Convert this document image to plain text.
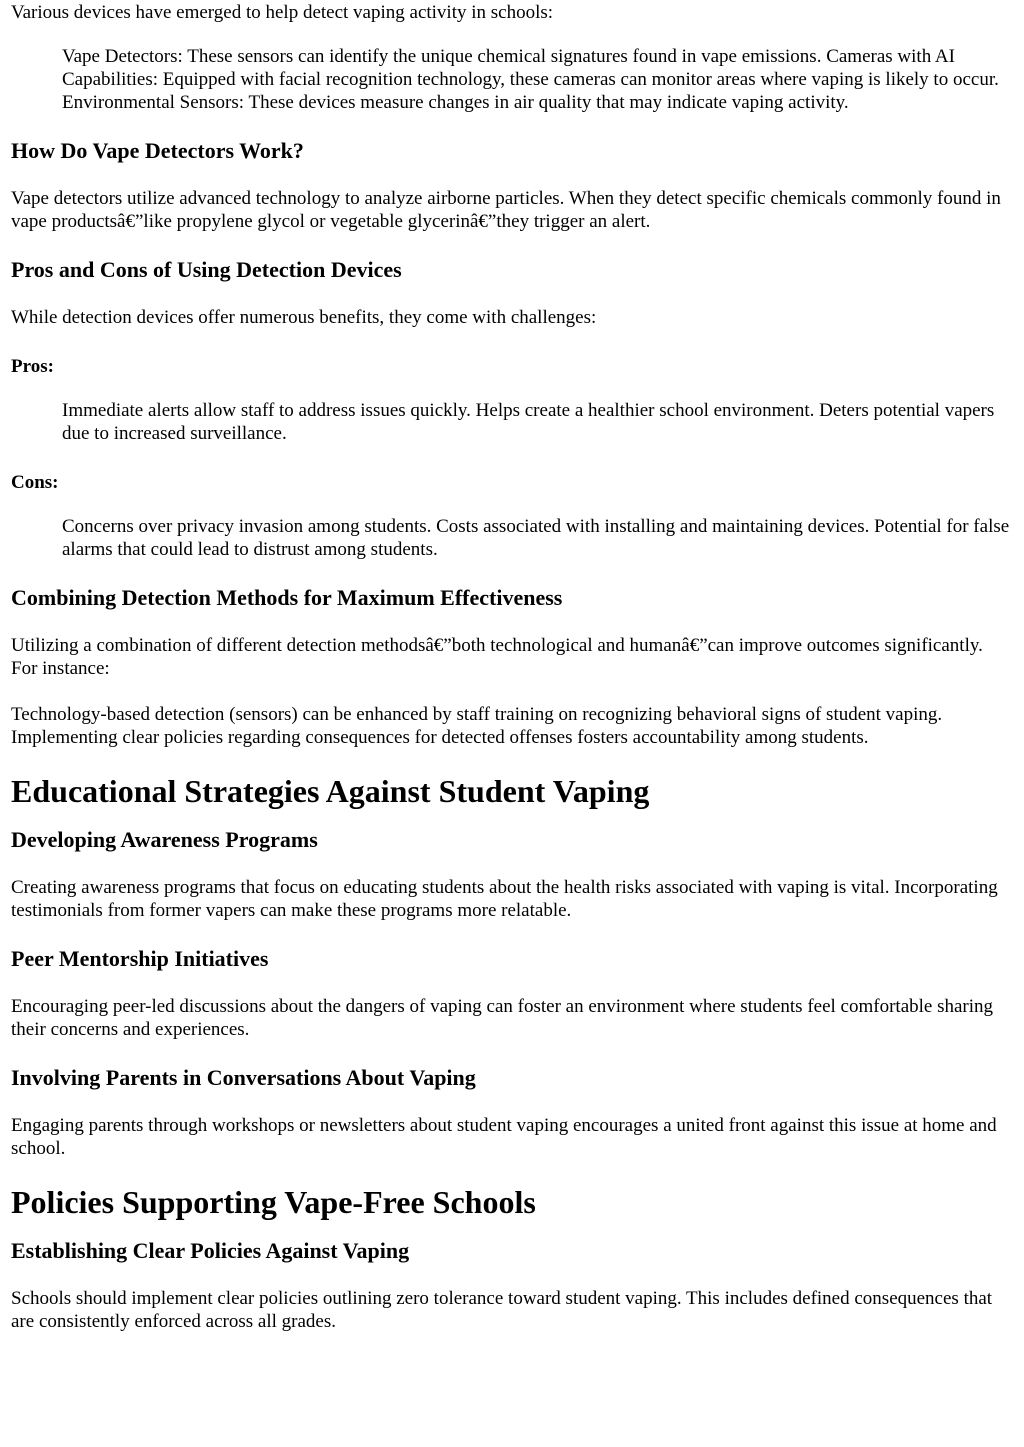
Various devices have emerged to help detect vaping activity in schools:

Vape Detectors: These sensors can identify the unique chemical signatures found in vape emissions. Cameras with AI Capabilities: Equipped with facial recognition technology, these cameras can monitor areas where vaping is likely to occur. Environmental Sensors: These devices measure changes in air quality that may indicate vaping activity.

How Do Vape Detectors Work?

Vape detectors utilize advanced technology to analyze airborne particles. When they detect specific chemicals commonly found in vape productsâ€”like propylene glycol or vegetable glycerinâ€”they trigger an alert.

Pros and Cons of Using Detection Devices

While detection devices offer numerous benefits, they come with challenges:

Pros:

Immediate alerts allow staff to address issues quickly. Helps create a healthier school environment. Deters potential vapers due to increased surveillance.

Cons:

Concerns over privacy invasion among students. Costs associated with installing and maintaining devices. Potential for false alarms that could lead to distrust among students.

Combining Detection Methods for Maximum Effectiveness

Utilizing a combination of different detection methodsâ€”both technological and humanâ€”can improve outcomes significantly. For instance:

Technology-based detection (sensors) can be enhanced by staff training on recognizing behavioral signs of student vaping. Implementing clear policies regarding consequences for detected offenses fosters accountability among students.

Educational Strategies Against Student Vaping
Developing Awareness Programs

Creating awareness programs that focus on educating students about the health risks associated with vaping is vital. Incorporating testimonials from former vapers can make these programs more relatable.

Peer Mentorship Initiatives

Encouraging peer-led discussions about the dangers of vaping can foster an environment where students feel comfortable sharing their concerns and experiences.

Involving Parents in Conversations About Vaping

Engaging parents through workshops or newsletters about student vaping encourages a united front against this issue at home and school.

Policies Supporting Vape-Free Schools
Establishing Clear Policies Against Vaping

Schools should implement clear policies outlining zero tolerance toward student vaping. This includes defined consequences that are consistently enforced across all grades.
